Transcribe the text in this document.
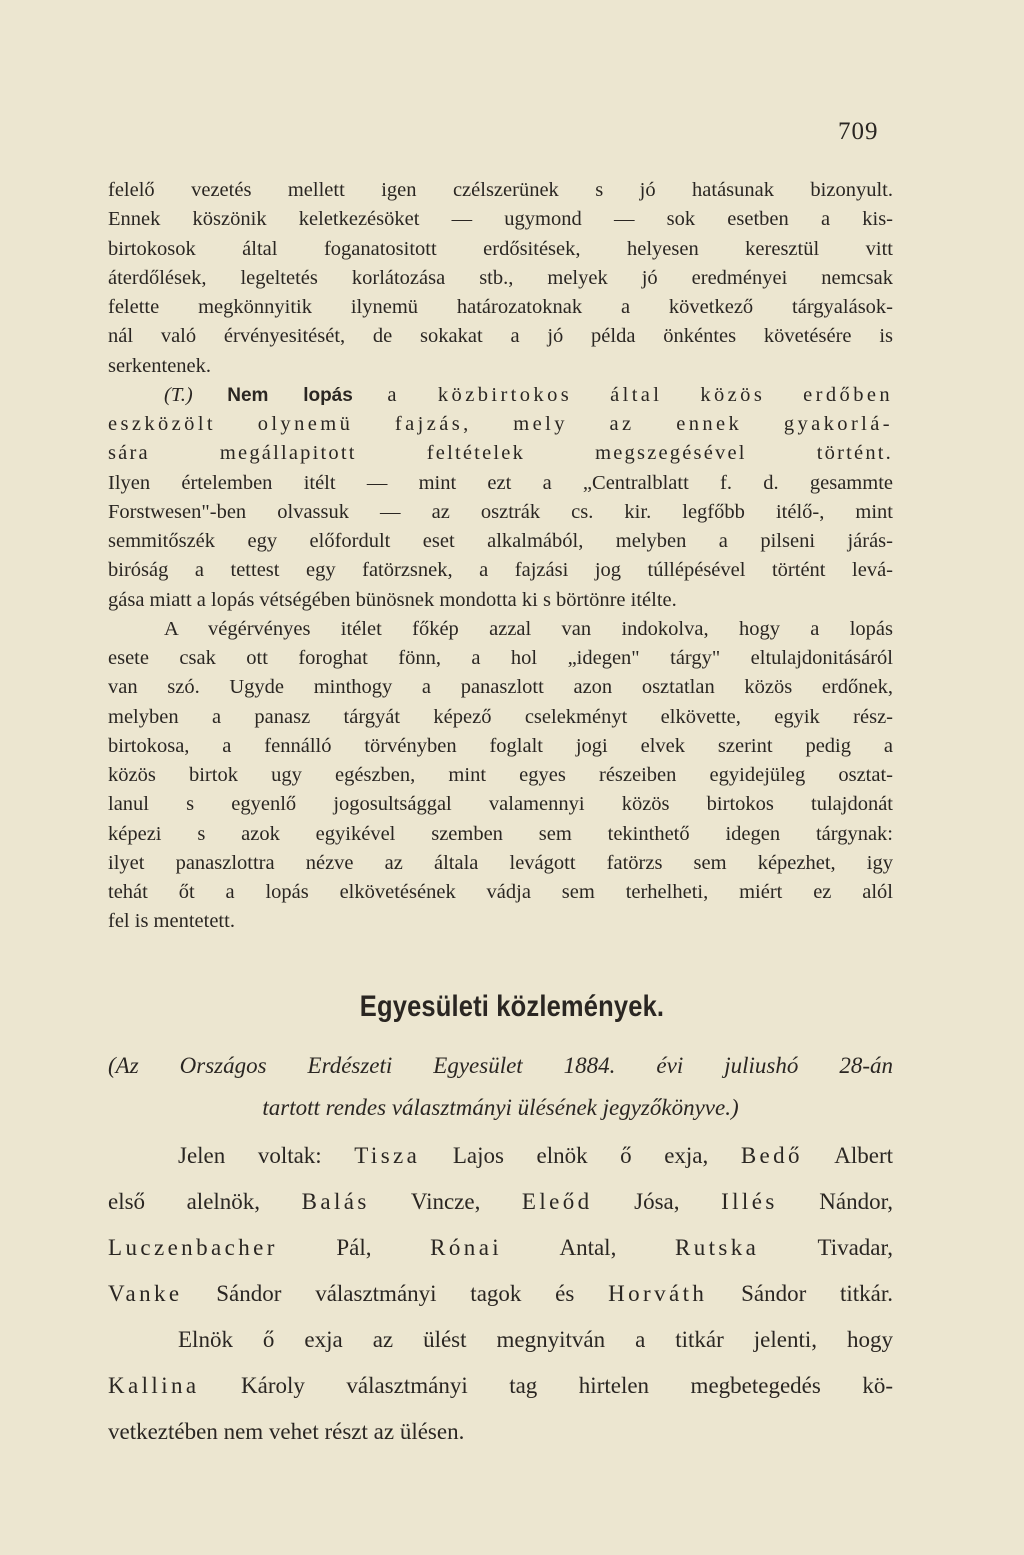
709
felelő vezetés mellett igen czélszerünek s jó hatásunak bizonyult.
Ennek köszönik keletkezésöket — ugymond — sok esetben a kis-
birtokosok által foganatositott erdősitések, helyesen keresztül vitt
áterdőlések, legeltetés korlátozása stb., melyek jó eredményei nemcsak
felette megkönnyitik ilynemü határozatoknak a következő tárgyalások-
nál való érvényesitését, de sokakat a jó példa önkéntes követésére is
serkentenek.
(T.) Nem lopás a közbirtokos által közös erdőben
eszközölt olynemü fajzás, mely az ennek gyakorlá-
sára megállapitott feltételek megszegésével történt.
Ilyen értelemben itélt — mint ezt a „Centralblatt f. d. gesammte
Forstwesen"-ben olvassuk — az osztrák cs. kir. legfőbb itélő-, mint
semmitőszék egy előfordult eset alkalmából, melyben a pilseni járás-
biróság a tettest egy fatörzsnek, a fajzási jog túllépésével történt levá-
gása miatt a lopás vétségében bünösnek mondotta ki s börtönre itélte.
A végérvényes itélet főkép azzal van indokolva, hogy a lopás
esete csak ott foroghat fönn, a hol „idegen" tárgy" eltulajdonitásáról
van szó. Ugyde minthogy a panaszlott azon osztatlan közös erdőnek,
melyben a panasz tárgyát képező cselekményt elkövette, egyik rész-
birtokosa, a fennálló törvényben foglalt jogi elvek szerint pedig a
közös birtok ugy egészben, mint egyes részeiben egyidejüleg osztat-
lanul s egyenlő jogosultsággal valamennyi közös birtokos tulajdonát
képezi s azok egyikével szemben sem tekinthető idegen tárgynak:
ilyet panaszlottra nézve az általa levágott fatörzs sem képezhet, igy
tehát őt a lopás elkövetésének vádja sem terhelheti, miért ez alól
fel is mentetett.
Egyesületi közlemények.
(Az Országos Erdészeti Egyesület 1884. évi juliushó 28-án
tartott rendes választmányi ülésének jegyzőkönyve.)
Jelen voltak: Tisza Lajos elnök ő exja, Bedő Albert
első alelnök, Balás Vincze, Eleőd Jósa, Illés Nándor,
Luczenbacher	Pál,	Rónai Antal,	Rutska	Tivadar,
Vanke Sándor választmányi tagok és Horváth Sándor titkár.
Elnök ő exja az ülést megnyitván a titkár jelenti, hogy
Kallina Károly választmányi tag hirtelen megbetegedés kö-
vetkeztében nem vehet részt az ülésen.
